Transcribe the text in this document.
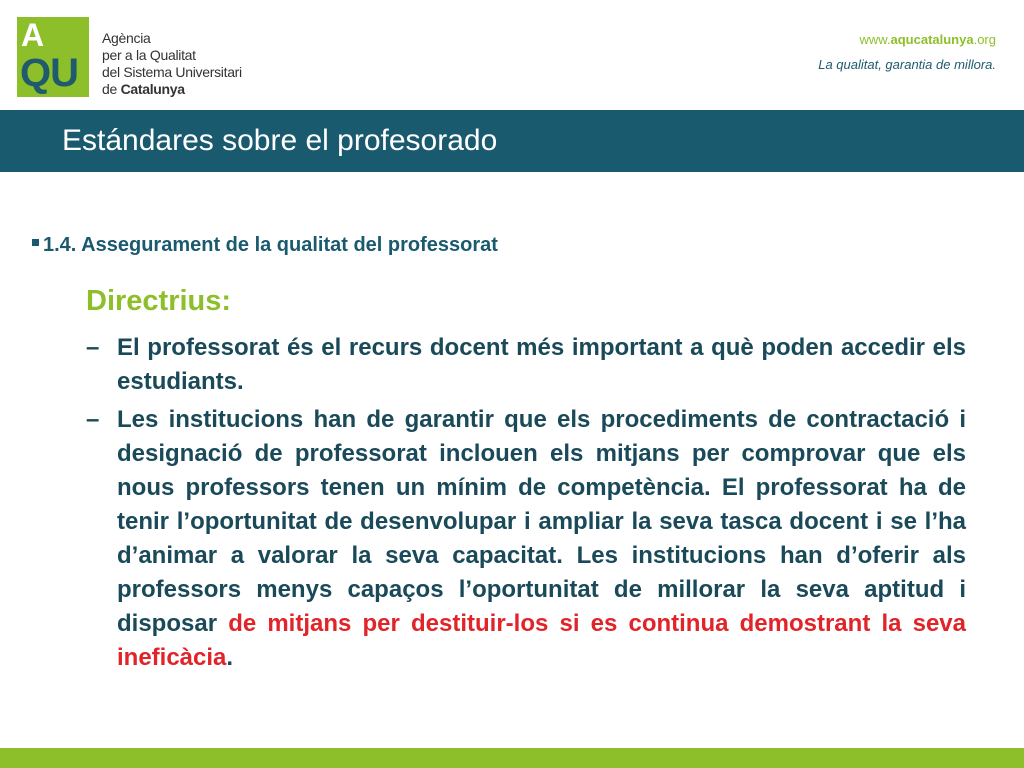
A
QU
Agència
per a la Qualitat
del Sistema Universitari
de Catalunya
www.aqucatalunya.org
La qualitat, garantia de millora.
Estándares sobre el profesorado
1.4. Assegurament de la qualitat del professorat
Directrius:
– El professorat és el recurs docent més important a què poden accedir els estudiants.
– Les institucions han de garantir que els procediments de contractació i designació de professorat inclouen els mitjans per comprovar que els nous professors tenen un mínim de competència. El professorat ha de tenir l’oportunitat de desenvolupar i ampliar la seva tasca docent i se l’ha d’animar a valorar la seva capacitat. Les institucions han d’oferir als professors menys capaços l’oportunitat de millorar la seva aptitud i disposar de mitjans per destituir-los si es continua demostrant la seva ineficàcia.
